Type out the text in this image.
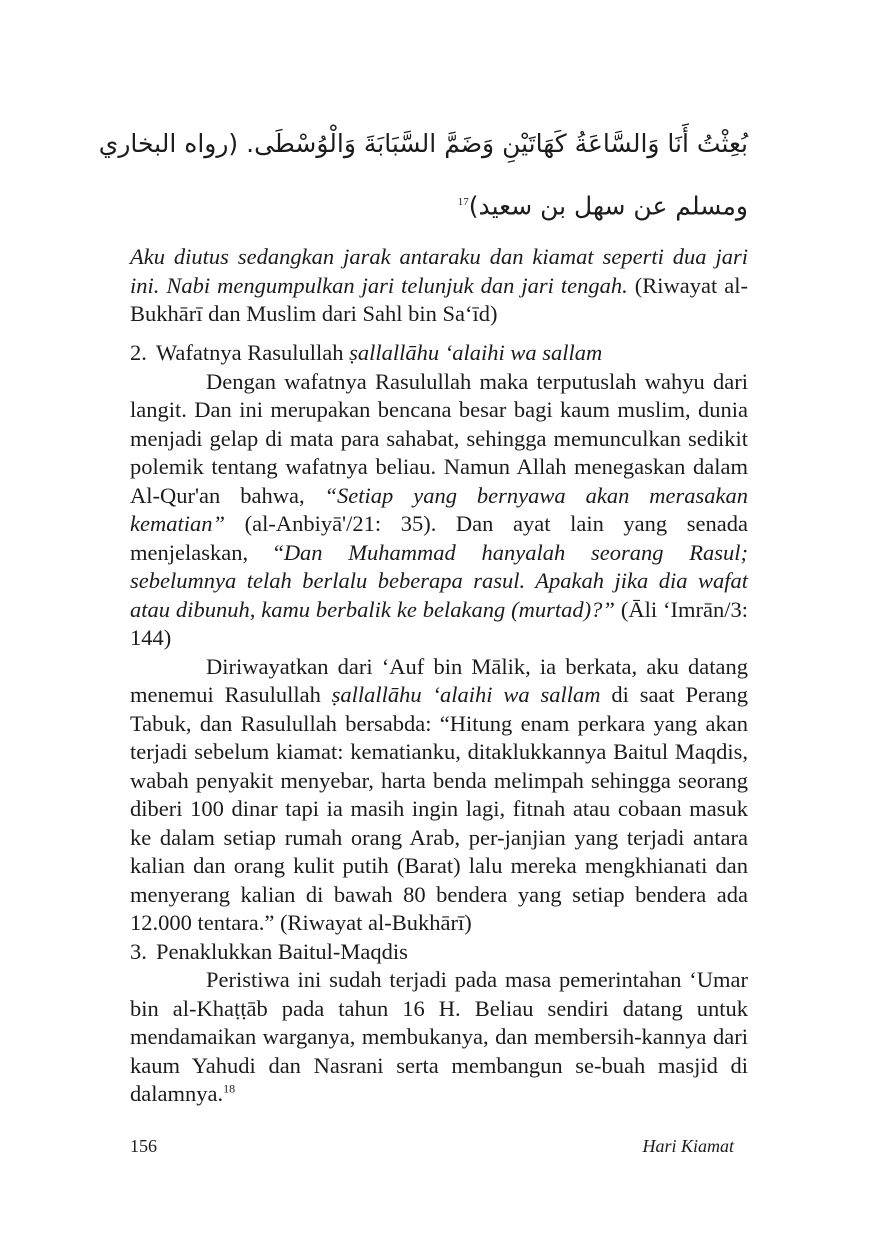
بُعِثْتُ أَنَا وَالسَّاعَةُ كَهَاتَيْنِ وَضَمَّ السَّبَابَةَ وَالْوُسْطَى. (رواه البخاري
ومسلم عن سهل بن سعيد)$^{17}$

Aku diutus sedangkan jarak antaraku dan kiamat seperti dua jari ini. Nabi mengumpulkan jari telunjuk dan jari tengah. (Riwayat al-Bukhārī dan Muslim dari Sahl bin Sa‘īd)

2. Wafatnya Rasulullah ṣallallāhu ‘alaihi wa sallam

Dengan wafatnya Rasulullah maka terputuslah wahyu dari langit. Dan ini merupakan bencana besar bagi kaum muslim, dunia menjadi gelap di mata para sahabat, sehingga memunculkan sedikit polemik tentang wafatnya beliau. Namun Allah menegaskan dalam Al-Qur'an bahwa, “Setiap yang bernyawa akan merasakan kematian” (al-Anbiyā'/21: 35). Dan ayat lain yang senada menjelaskan, “Dan Muhammad hanyalah seorang Rasul; sebelumnya telah berlalu beberapa rasul. Apakah jika dia wafat atau dibunuh, kamu berbalik ke belakang (murtad)?” (Āli ‘Imrān/3: 144)

Diriwayatkan dari ‘Auf bin Mālik, ia berkata, aku datang menemui Rasulullah ṣallallāhu ‘alaihi wa sallam di saat Perang Tabuk, dan Rasulullah bersabda: “Hitung enam perkara yang akan terjadi sebelum kiamat: kematianku, ditaklukkannya Baitul Maqdis, wabah penyakit menyebar, harta benda melimpah sehingga seorang diberi 100 dinar tapi ia masih ingin lagi, fitnah atau cobaan masuk ke dalam setiap rumah orang Arab, per-janjian yang terjadi antara kalian dan orang kulit putih (Barat) lalu mereka mengkhianati dan menyerang kalian di bawah 80 bendera yang setiap bendera ada 12.000 tentara.” (Riwayat al-Bukhārī)

3. Penaklukkan Baitul-Maqdis

Peristiwa ini sudah terjadi pada masa pemerintahan ‘Umar bin al-Khaṭṭāb pada tahun 16 H. Beliau sendiri datang untuk mendamaikan warganya, membukanya, dan membersih-kannya dari kaum Yahudi dan Nasrani serta membangun se-buah masjid di dalamnya.$^{18}$

156	Hari Kiamat
